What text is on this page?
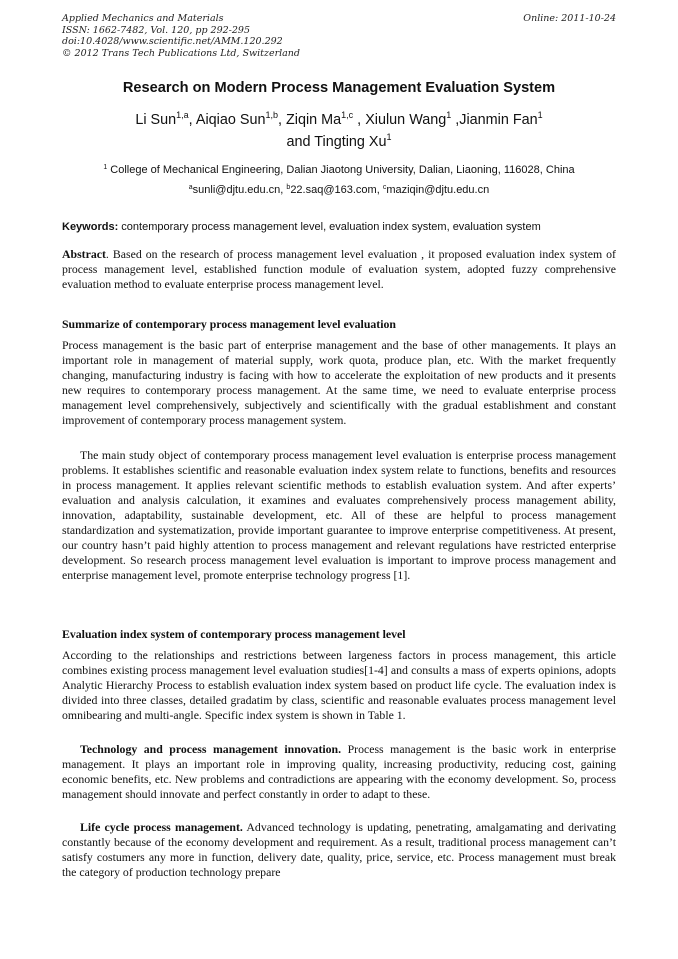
Applied Mechanics and Materials
ISSN: 1662-7482, Vol. 120, pp 292-295
doi:10.4028/www.scientific.net/AMM.120.292
© 2012 Trans Tech Publications Ltd, Switzerland
Online: 2011-10-24
Research on Modern Process Management Evaluation System
Li Sun$^{1,a}$, Aiqiao Sun$^{1,b}$, Ziqin Ma$^{1,c}$ , Xiulun Wang$^1$ ,Jianmin Fan$^1$
and Tingting Xu$^1$
$^1$ College of Mechanical Engineering, Dalian Jiaotong University, Dalian, Liaoning, 116028, China
$^a$sunli@djtu.edu.cn, $^b$22.saq@163.com, $^c$maziqin@djtu.edu.cn
Keywords: contemporary process management level, evaluation index system, evaluation system
Abstract. Based on the research of process management level evaluation , it proposed evaluation index system of process management level, established function module of evaluation system, adopted fuzzy comprehensive evaluation method to evaluate enterprise process management level.
Summarize of contemporary process management level evaluation
Process management is the basic part of enterprise management and the base of other managements. It plays an important role in management of material supply, work quota, produce plan, etc. With the market frequently changing, manufacturing industry is facing with how to accelerate the exploitation of new products and it presents new requires to contemporary process management. At the same time, we need to evaluate enterprise process management level comprehensively, subjectively and scientifically with the gradual establishment and constant improvement of contemporary process management system.
The main study object of contemporary process management level evaluation is enterprise process management problems. It establishes scientific and reasonable evaluation index system relate to functions, benefits and resources in process management. It applies relevant scientific methods to establish evaluation system. And after experts’ evaluation and analysis calculation, it examines and evaluates comprehensively process management ability, innovation, adaptability, sustainable development, etc. All of these are helpful to process management standardization and systematization, provide important guarantee to improve enterprise competitiveness. At present, our country hasn’t paid highly attention to process management and relevant regulations have restricted enterprise development. So research process management level evaluation is important to improve process management and enterprise management level, promote enterprise technology progress [1].
Evaluation index system of contemporary process management level
According to the relationships and restrictions between largeness factors in process management, this article combines existing process management level evaluation studies[1-4] and consults a mass of experts opinions, adopts Analytic Hierarchy Process to establish evaluation index system based on product life cycle. The evaluation index is divided into three classes, detailed gradatim by class, scientific and reasonable evaluates process management level omnibearing and multi-angle. Specific index system is shown in Table 1.
Technology and process management innovation. Process management is the basic work in enterprise management. It plays an important role in improving quality, increasing productivity, reducing cost, gaining economic benefits, etc. New problems and contradictions are appearing with the economy development. So, process management should innovate and perfect constantly in order to adapt to these.
Life cycle process management. Advanced technology is updating, penetrating, amalgamating and derivating constantly because of the economy development and requirement. As a result, traditional process management can’t satisfy costumers any more in function, delivery date, quality, price, service, etc. Process management must break the category of production technology prepare
